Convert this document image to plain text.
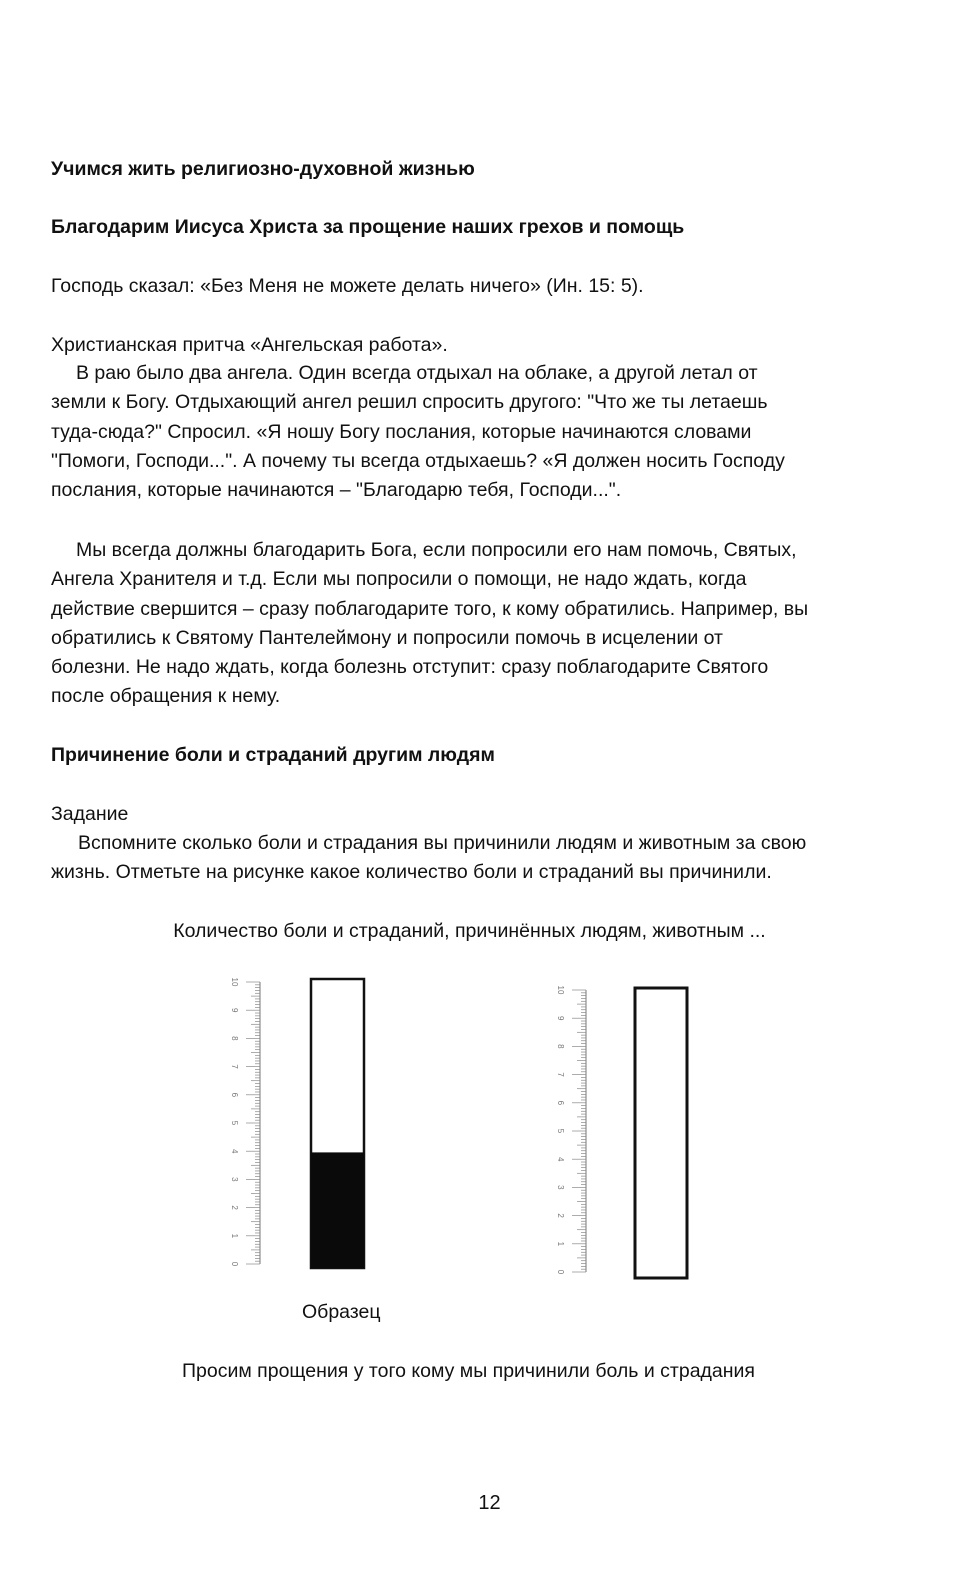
Учимся жить религиозно-духовной жизнью
Благодарим Иисуса Христа за прощение наших грехов и помощь
Господь сказал: «Без Меня не можете делать ничего» (Ин. 15: 5).
Христианская притча «Ангельская работа».
В раю было два ангела. Один всегда отдыхал на облаке, а другой летал от
земли к Богу. Отдыхающий ангел решил спросить другого: "Что же ты летаешь
туда-сюда?" Спросил. «Я ношу Богу послания, которые начинаются словами
"Помоги, Господи...". А почему ты всегда отдыхаешь? «Я должен носить Господу
послания, которые начинаются – "Благодарю тебя, Господи...".
Мы всегда должны благодарить Бога, если попросили его нам помочь, Святых,
Ангела Хранителя и т.д. Если мы попросили о помощи, не надо ждать, когда
действие свершится – сразу поблагодарите того, к кому обратились. Например, вы
обратились к Святому Пантелеймону и попросили помочь в исцелении от
болезни. Не надо ждать, когда болезнь отступит: сразу поблагодарите Святого
после обращения к нему.
Причинение боли и страданий другим людям
Задание
Вспомните сколько боли и страдания вы причинили людям и животным за свою
жизнь. Отметьте на рисунке какое количество боли и страданий вы причинили.
Количество боли и страданий, причинённых людям, животным ...
0
1
2
3
4
5
6
7
8
9
10
0
1
2
3
4
5
6
7
8
9
10
Образец
Просим прощения у того кому мы причинили боль и страдания
12
